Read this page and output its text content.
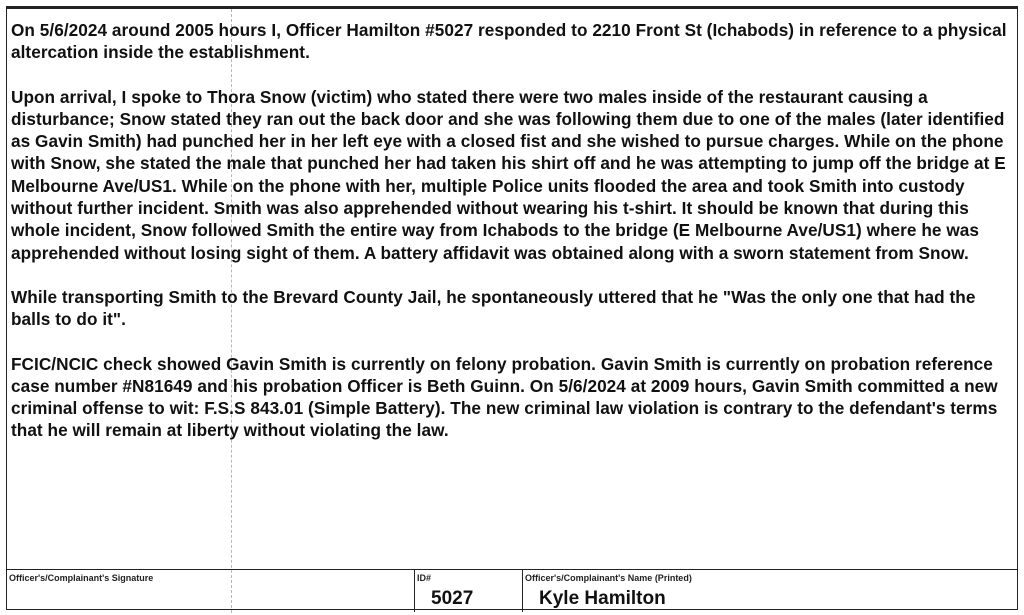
On 5/6/2024 around 2005 hours I, Officer Hamilton #5027 responded to 2210 Front St (Ichabods) in reference to a physical altercation inside the establishment.

Upon arrival, I spoke to Thora Snow (victim) who stated there were two males inside of the restaurant causing a disturbance; Snow stated they ran out the back door and she was following them due to one of the males (later identified as Gavin Smith) had punched her in her left eye with a closed fist and she wished to pursue charges. While on the phone with Snow, she stated the male that punched her had taken his shirt off and he was attempting to jump off the bridge at E Melbourne Ave/US1. While on the phone with her, multiple Police units flooded the area and took Smith into custody without further incident. Smith was also apprehended without wearing his t-shirt. It should be known that during this whole incident, Snow followed Smith the entire way from Ichabods to the bridge (E Melbourne Ave/US1) where he was apprehended without losing sight of them. A battery affidavit was obtained along with a sworn statement from Snow.

While transporting Smith to the Brevard County Jail, he spontaneously uttered that he "Was the only one that had the balls to do it".

FCIC/NCIC check showed Gavin Smith is currently on felony probation. Gavin Smith is currently on probation reference case number #N81649 and his probation Officer is Beth Guinn. On 5/6/2024 at 2009 hours, Gavin Smith committed a new criminal offense to wit: F.S.S 843.01 (Simple Battery). The new criminal law violation is contrary to the defendant's terms that he will remain at liberty without violating the law.

Officer's/Complainant's Signature	ID#
5027
Officer's/Complainant's Name (Printed)
Kyle Hamilton
